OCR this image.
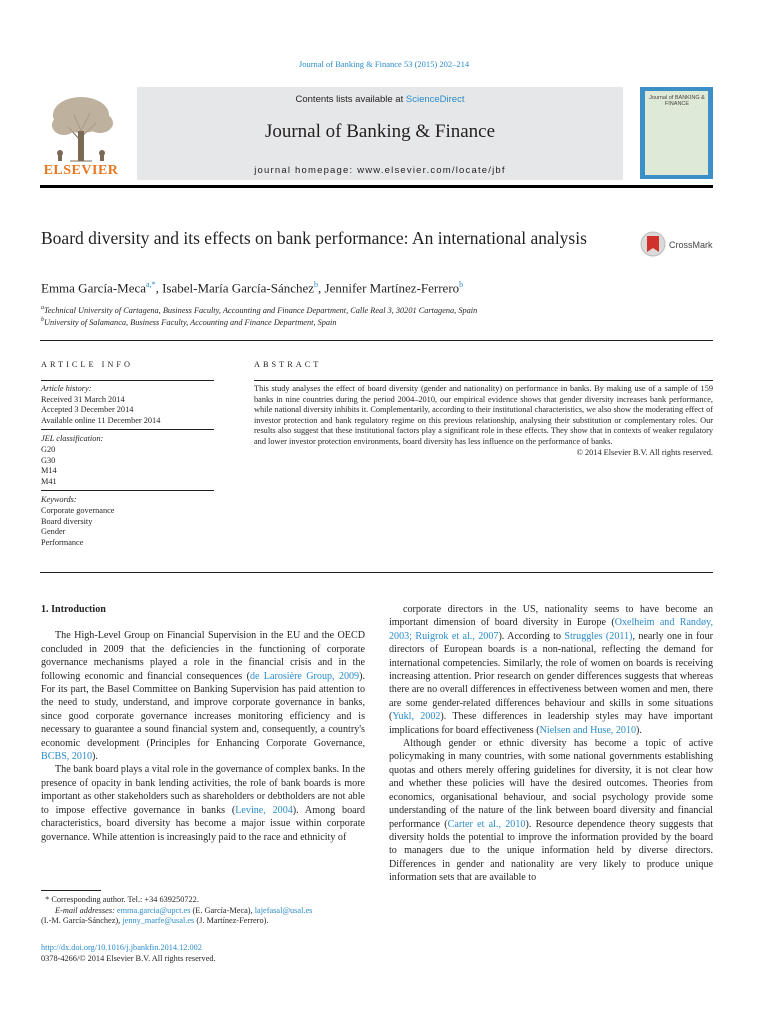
Journal of Banking & Finance 53 (2015) 202–214
ELSEVIER
Contents lists available at ScienceDirect
Journal of Banking & Finance
journal homepage: www.elsevier.com/locate/jbf
Journal of BANKING & FINANCE
Board diversity and its effects on bank performance: An international analysis	CrossMark
Emma García-Meca$^{a,*}$, Isabel-María García-Sánchez$^b$, Jennifer Martínez-Ferrero$^b$
$^a$Technical University of Cartagena, Business Faculty, Accounting and Finance Department, Calle Real 3, 30201 Cartagena, Spain
$^b$University of Salamanca, Business Faculty, Accounting and Finance Department, Spain
ARTICLE INFO	ABSTRACT
Article history:
Received 31 March 2014
Accepted 3 December 2014
Available online 11 December 2014
JEL classification:
G20
G30
M14
M41
Keywords:
Corporate governance
Board diversity
Gender
Performance
This study analyses the effect of board diversity (gender and nationality) on performance in banks. By making use of a sample of 159 banks in nine countries during the period 2004–2010, our empirical evidence shows that gender diversity increases bank performance, while national diversity inhibits it. Complementarily, according to their institutional characteristics, we also show the moderating effect of investor protection and bank regulatory regime on this previous relationship, analysing their substitution or complementary roles. Our results also suggest that these institutional factors play a significant role in these effects. They show that in contexts of weaker regulatory and lower investor protection environments, board diversity has less influence on the performance of banks.
© 2014 Elsevier B.V. All rights reserved.

1. Introduction

The High-Level Group on Financial Supervision in the EU and the OECD concluded in 2009 that the deficiencies in the functioning of corporate governance mechanisms played a role in the financial crisis and in the following economic and financial consequences (de Larosière Group, 2009). For its part, the Basel Committee on Banking Supervision has paid attention to the need to study, understand, and improve corporate governance in banks, since good corporate governance increases monitoring efficiency and is necessary to guarantee a sound financial system and, consequently, a country's economic development (Principles for Enhancing Corporate Governance, BCBS, 2010).

The bank board plays a vital role in the governance of complex banks. In the presence of opacity in bank lending activities, the role of bank boards is more important as other stakeholders such as shareholders or debtholders are not able to impose effective governance in banks (Levine, 2004). Among board characteristics, board diversity has become a major issue within corporate governance. While attention is increasingly paid to the race and ethnicity of

corporate directors in the US, nationality seems to have become an important dimension of board diversity in Europe (Oxelheim and Randøy, 2003; Ruigrok et al., 2007). According to Struggles (2011), nearly one in four directors of European boards is a non-national, reflecting the demand for international competencies. Similarly, the role of women on boards is receiving increasing attention. Prior research on gender differences suggests that whereas there are no overall differences in effectiveness between women and men, there are some gender-related differences behaviour and skills in some situations (Yukl, 2002). These differences in leadership styles may have important implications for board effectiveness (Nielsen and Huse, 2010).

Although gender or ethnic diversity has become a topic of active policymaking in many countries, with some national governments establishing quotas and others merely offering guidelines for diversity, it is not clear how and whether these policies will have the desired outcomes. Theories from economics, organisational behaviour, and social psychology provide some understanding of the nature of the link between board diversity and financial performance (Carter et al., 2010). Resource dependence theory suggests that diversity holds the potential to improve the information provided by the board to managers due to the unique information held by diverse directors. Differences in gender and nationality are very likely to produce unique information sets that are available to

* Corresponding author. Tel.: +34 639250722.
E-mail addresses: emma.garcia@upct.es (E. García-Meca), lajefasal@usal.es
(I.-M. García-Sánchez), jenny_marfe@usal.es (J. Martínez-Ferrero).
http://dx.doi.org/10.1016/j.jbankfin.2014.12.002
0378-4266/© 2014 Elsevier B.V. All rights reserved.
